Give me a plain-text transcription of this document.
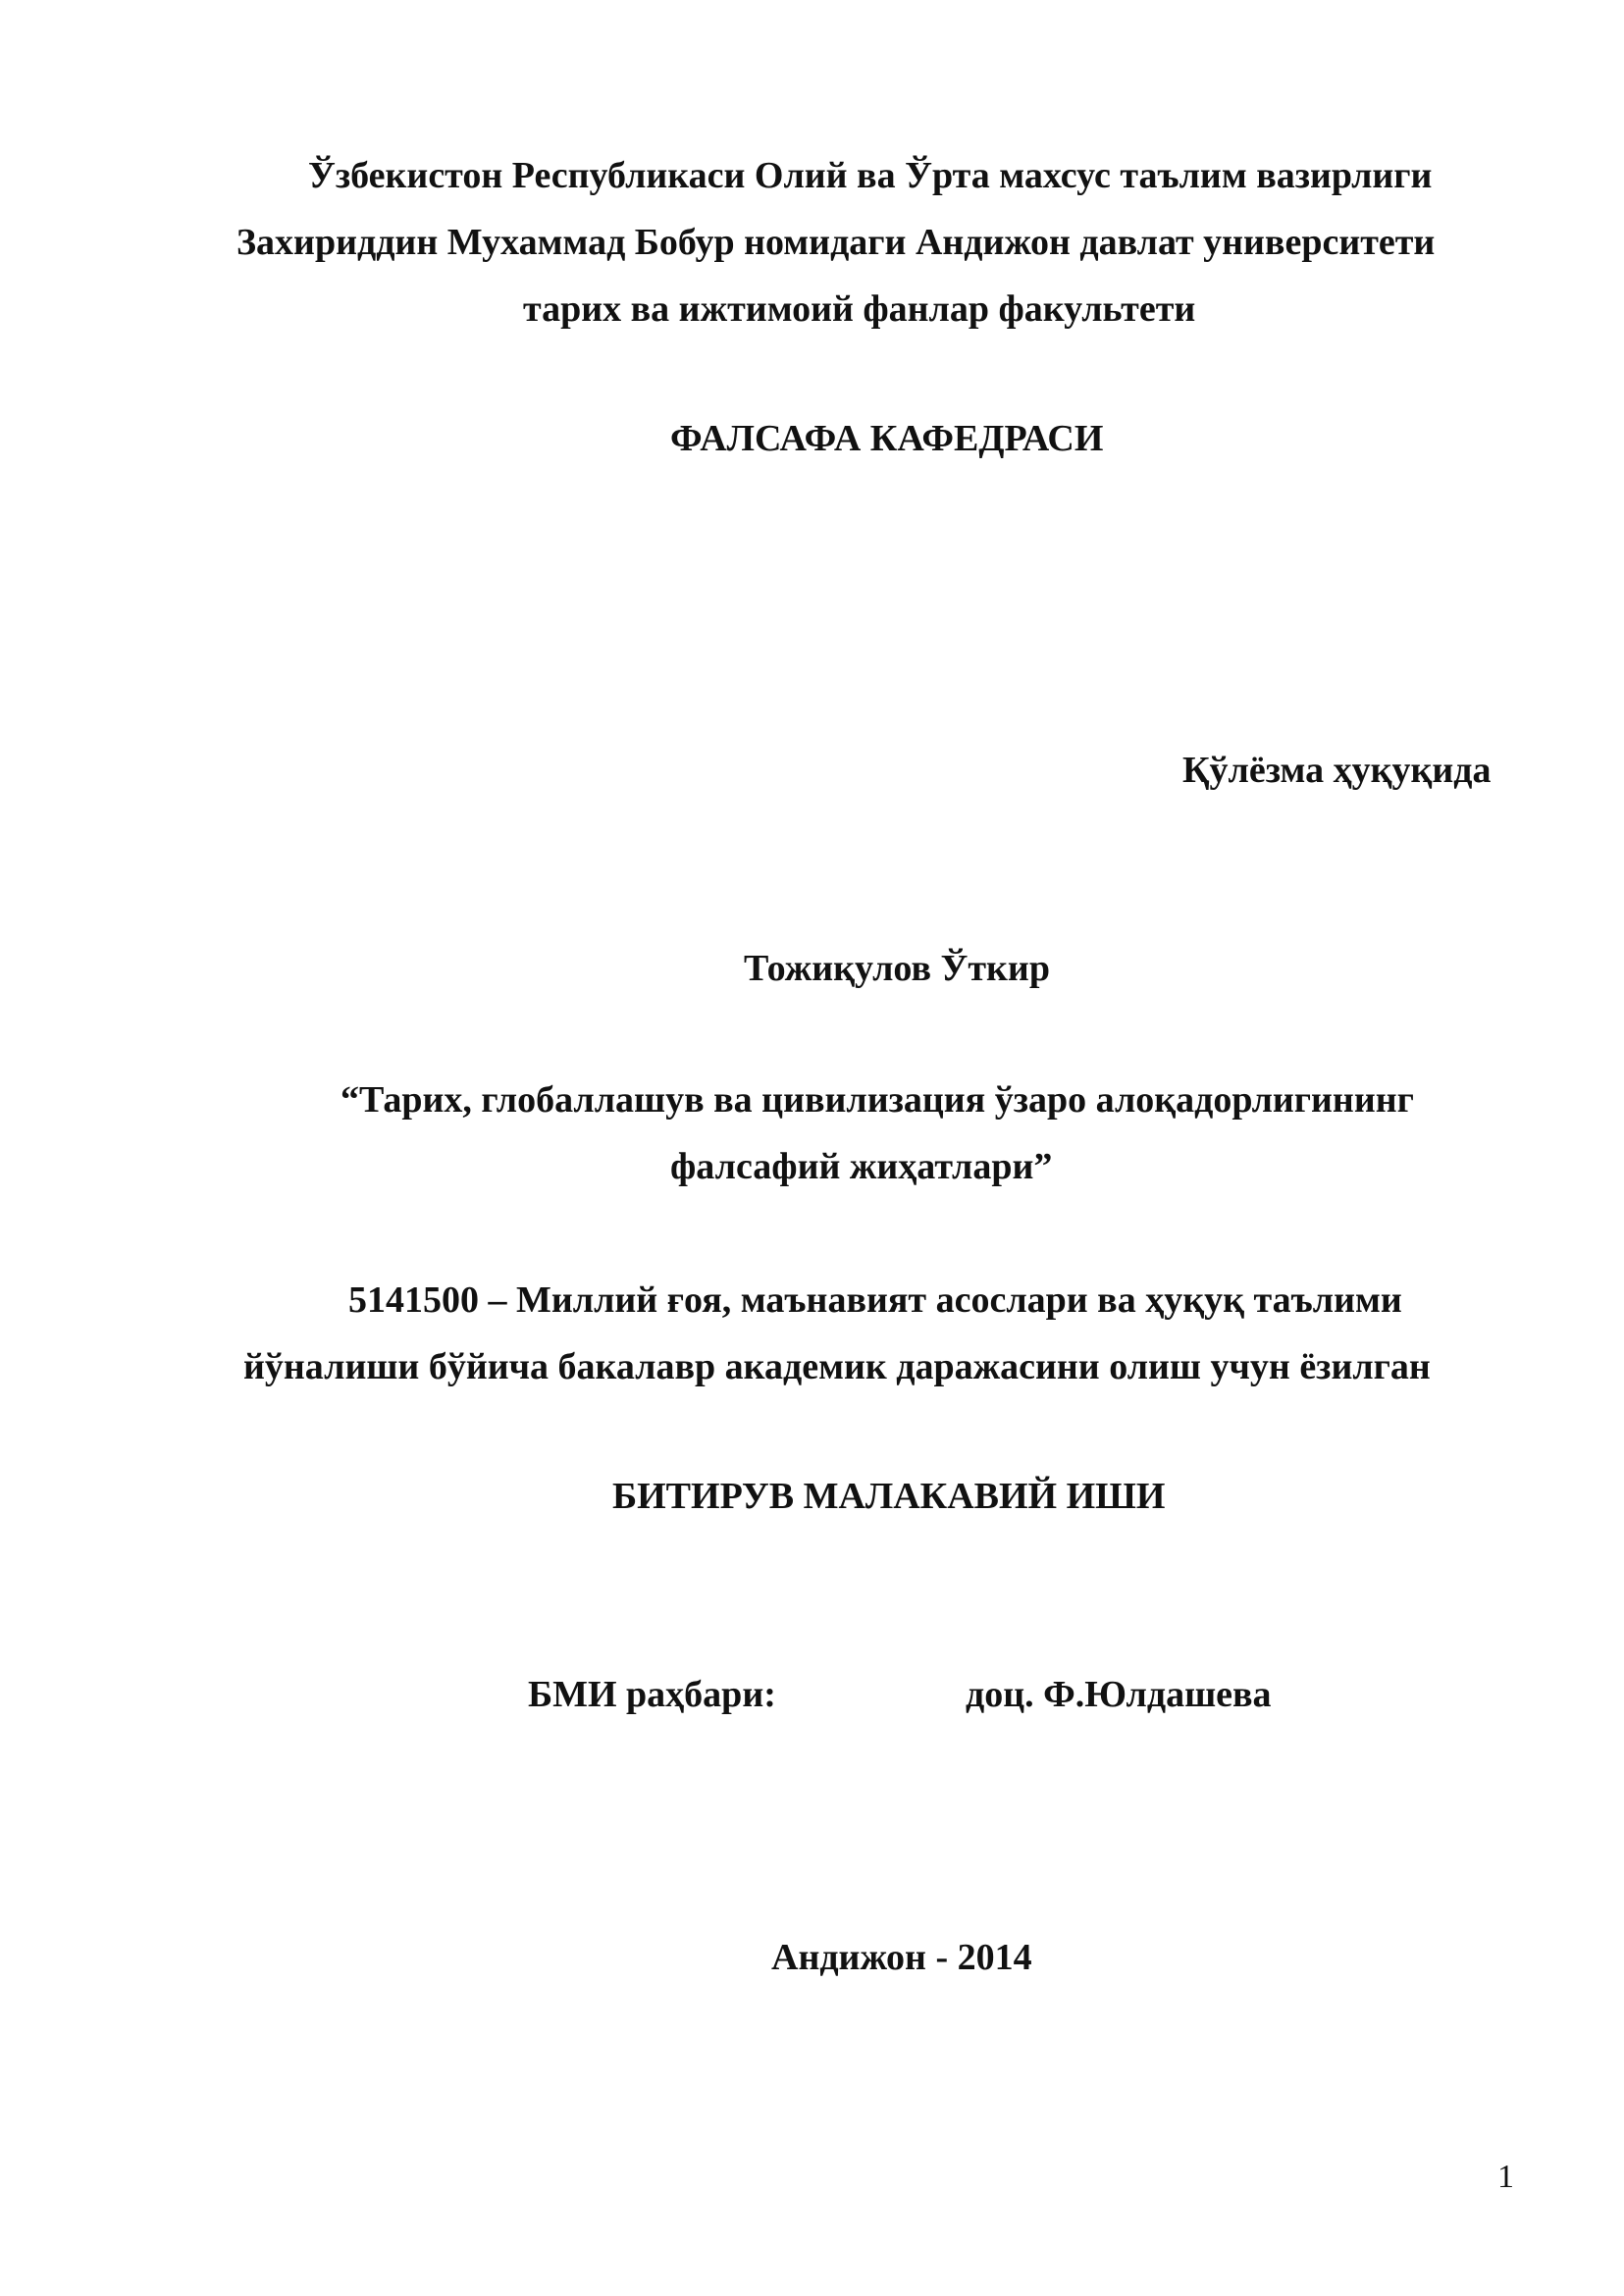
Ўзбекистон Республикаси Олий ва Ўрта махсус таълим вазирлиги
Захириддин Мухаммад Бобур номидаги Андижон давлат университети
тарих ва ижтимоий фанлар факультети
ФАЛСАФА КАФЕДРАСИ
Қўлёзма ҳуқуқида
Тожиқулов Ўткир
“Тарих, глобаллашув ва цивилизация ўзаро алоқадорлигининг
фалсафий жиҳатлари”
5141500 – Миллий ғоя, маънавият асослари ва ҳуқуқ таълими
йўналиши бўйича бакалавр академик даражасини олиш учун ёзилган
БИТИРУВ МАЛАКАВИЙ ИШИ
БМИ раҳбари:	доц. Ф.Юлдашева
Андижон - 2014
1
